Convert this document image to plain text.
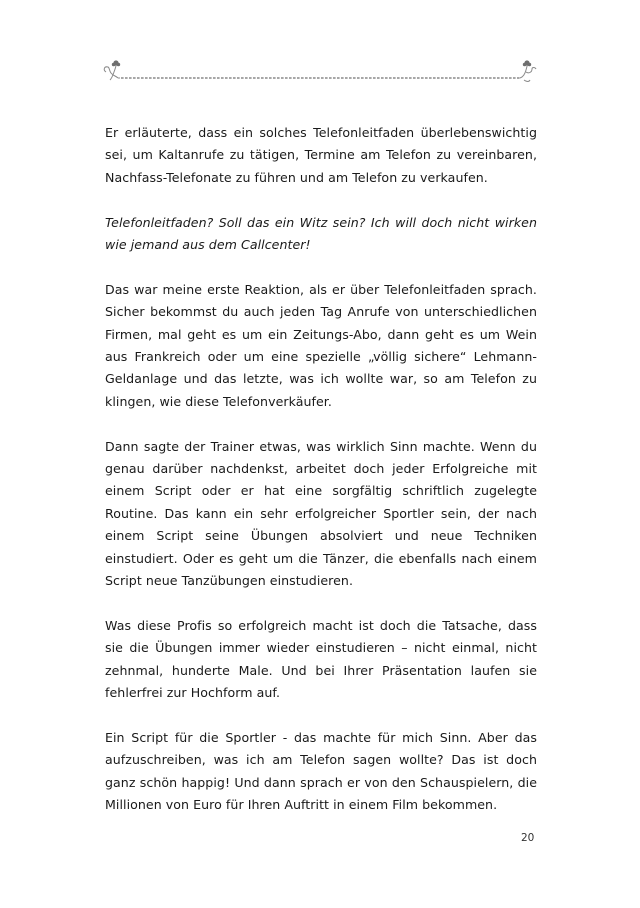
Er erläuterte, dass ein solches Telefonleitfaden überlebenswichtig sei, um Kaltanrufe zu tätigen, Termine am Telefon zu vereinbaren, Nachfass-Telefonate zu führen und am Telefon zu verkaufen.

Telefonleitfaden? Soll das ein Witz sein? Ich will doch nicht wirken wie jemand aus dem Callcenter!

Das war meine erste Reaktion, als er über Telefonleitfaden sprach. Sicher bekommst du auch jeden Tag Anrufe von unterschiedlichen Firmen, mal geht es um ein Zeitungs-Abo, dann geht es um Wein aus Frankreich oder um eine spezielle „völlig sichere“ Lehmann-Geldanlage und das letzte, was ich wollte war, so am Telefon zu klingen, wie diese Telefonverkäufer.

Dann sagte der Trainer etwas, was wirklich Sinn machte. Wenn du genau darüber nachdenkst, arbeitet doch jeder Erfolgreiche mit einem Script oder er hat eine sorgfältig schriftlich zugelegte Routine. Das kann ein sehr erfolgreicher Sportler sein, der nach einem Script seine Übungen absolviert und neue Techniken einstudiert. Oder es geht um die Tänzer, die ebenfalls nach einem Script neue Tanzübungen einstudieren.

Was diese Profis so erfolgreich macht ist doch die Tatsache, dass sie die Übungen immer wieder einstudieren – nicht einmal, nicht zehnmal, hunderte Male. Und bei Ihrer Präsentation laufen sie fehlerfrei zur Hochform auf.

Ein Script für die Sportler - das machte für mich Sinn. Aber das aufzuschreiben, was ich am Telefon sagen wollte? Das ist doch ganz schön happig! Und dann sprach er von den Schauspielern, die Millionen von Euro für Ihren Auftritt in einem Film bekommen.

20
